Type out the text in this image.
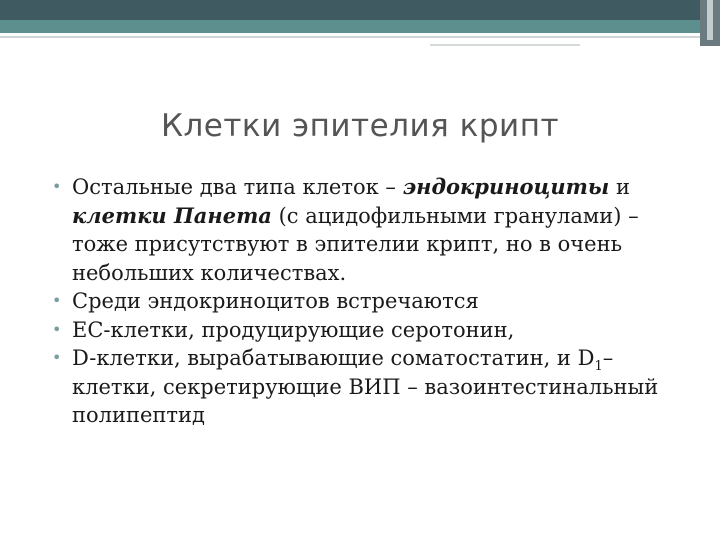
Клетки эпителия крипт
• Остальные два типа клеток – эндокриноциты и клетки Панета (с ацидофильными гранулами) – тоже присутствуют в эпителии крипт, но в очень небольших количествах.
• Среди эндокриноцитов встречаются
• ЕС-клетки, продуцирующие серотонин,
• D-клетки, вырабатывающие соматостатин, и $D_1$–клетки, секретирующие ВИП – вазоинтестинальный полипептид
